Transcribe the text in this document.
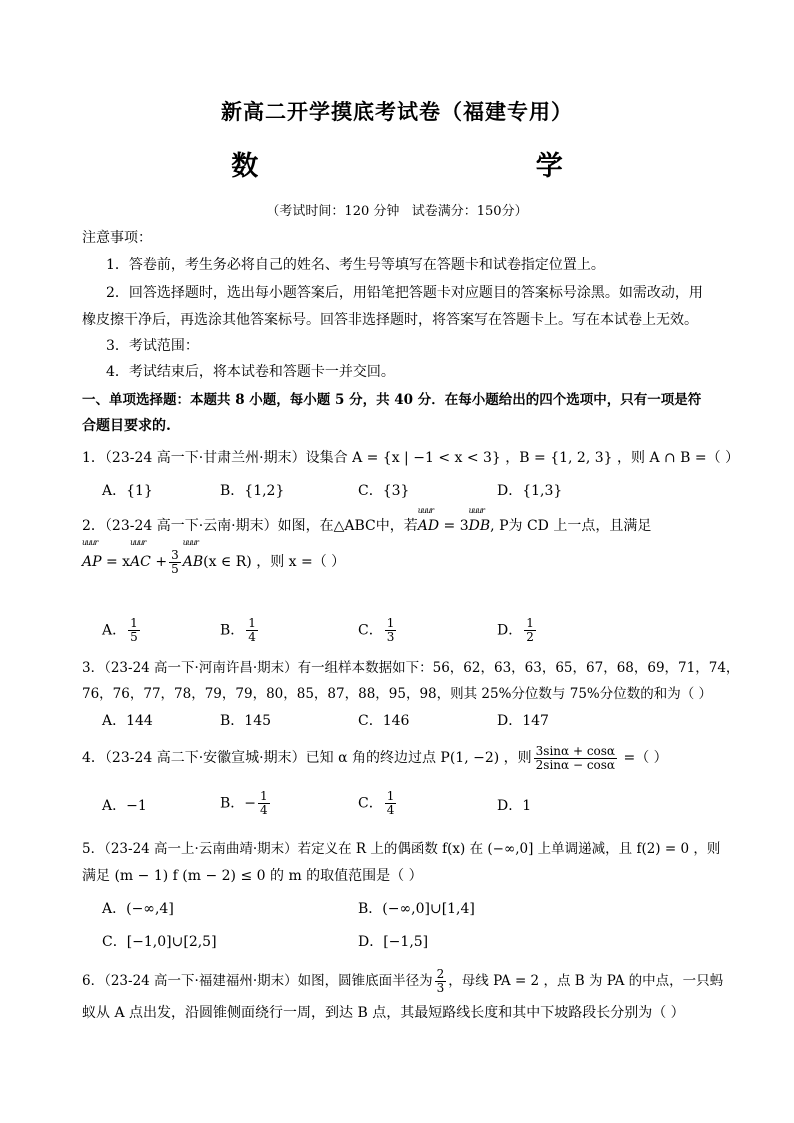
新高二开学摸底考试卷（福建专用）
数    学
（考试时间：120 分钟   试卷满分：150分）
注意事项：
1．答卷前，考生务必将自己的姓名、考生号等填写在答题卡和试卷指定位置上。
2．回答选择题时，选出每小题答案后，用铅笔把答题卡对应题目的答案标号涂黑。如需改动，用
橡皮擦干净后，再选涂其他答案标号。回答非选择题时，将答案写在答题卡上。写在本试卷上无效。
3．考试范围：
4．考试结束后，将本试卷和答题卡一并交回。
一、单项选择题：本题共 8 小题，每小题 5 分，共 40 分．在每小题给出的四个选项中，只有一项是符
合题目要求的.
1．（23-24 高一下·甘肃兰州·期末）设集合 A = {x | −1 < x < 3} ，B = {1, 2, 3} ，则 A ∩ B =（ ）
A．{1}	B．{1,2}	C．{3}	D．{1,3}
2．（23-24 高一下·云南·期末）如图，在△ABC中，若uuur AD = 3uuur DB, P为 CD 上一点，且满足
uuur AP = xuuur AC + $\frac{3}{5}$
uuur AB(x ∈ R) ，则 x =（ ）
A． $\frac{1}{5}$	B． $\frac{1}{4}$	C． $\frac{1}{3}$	D． $\frac{1}{2}$
3．（23-24 高一下·河南许昌·期末）有一组样本数据如下：56，62，63，63，65，67，68，69，71，74，
76，76，77，78，79，79，80，85，87，88，95，98，则其 25%分位数与 75%分位数的和为（ ）
A．144	B．145	C．146	D．147
4．（23-24 高二下·安徽宣城·期末）已知 α 角的终边过点 P(1, −2) ，则 $\frac{3\sin\alpha + \cos\alpha}{2\sin\alpha - \cos\alpha}$ =（ ）
A．−1	B．− $\frac{1}{4}$	C． $\frac{1}{4}$	D．1
5．（23-24 高一上·云南曲靖·期末）若定义在 R 上的偶函数 f(x) 在 (−∞,0] 上单调递减，且 f(2) = 0 ，则
满足 (m − 1) f (m − 2) ≤ 0 的 m 的取值范围是（ ）
A．(−∞,4]	B．(−∞,0]∪[1,4]
C．[−1,0]∪[2,5]	D．[−1,5]
6．（23-24 高一下·福建福州·期末）如图，圆锥底面半径为 $\frac{2}{3}$ ，母线 PA = 2 ，点 B 为 PA 的中点，一只蚂
蚁从 A 点出发，沿圆锥侧面绕行一周，到达 B 点，其最短路线长度和其中下坡路段长分别为（ ）
